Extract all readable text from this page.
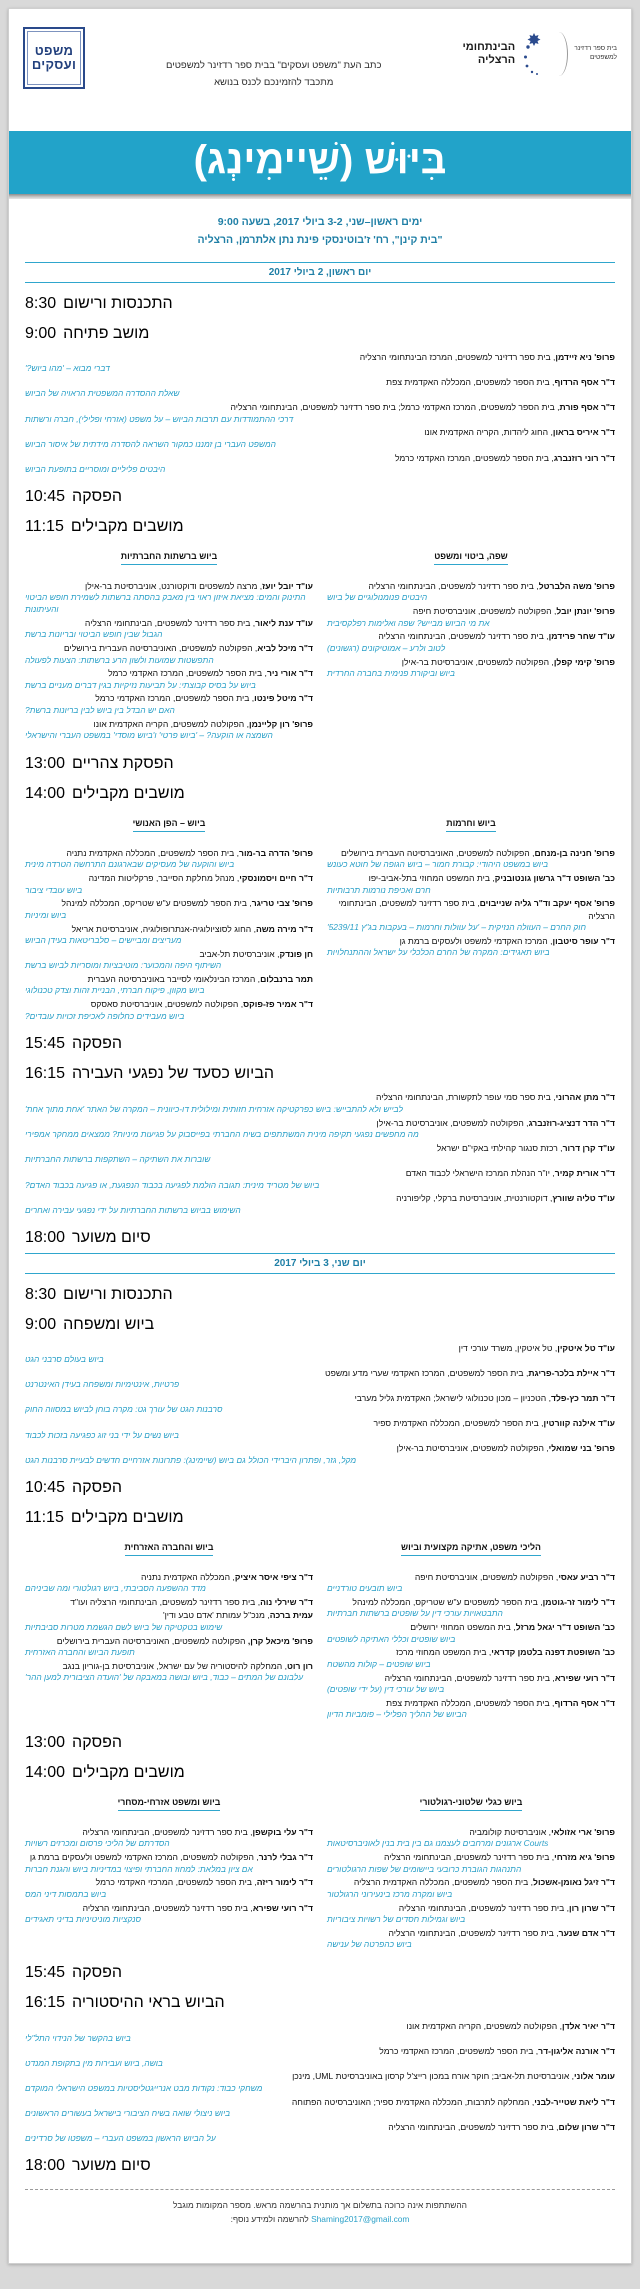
משפט
ועסקים	כתב העת "משפט ועסקים" בבית ספר רדזינר למשפטים

מתכבד להזמינכם לכנס בנושא

הבינתחומי
הרצליה
בית ספר רדזינר
למשפטים
בִּיּוּשׁ (שֵׁיימִינְג)
ימים ראשון–שני, 3-2 ביולי 2017, בשעה 9:00
"בית קינן", רח' ז'בוטינסקי פינת נתן אלתרמן, הרצליה
יום ראשון, 2 ביולי 2017
8:30 התכנסות ורישום
9:00 מושב פתיחה
פרופ' ניא זיידמן, בית ספר רדזינר למשפטים, המרכז הבינתחומי הרצליה
דברי מבוא – 'מהו ביוש?'
ד"ר אסף הרדוף, בית הספר למשפטים, המכללה האקדמית צפת
שאלת ההסדרה המשפטית הראויה של הביוש
ד"ר אסף פורת, בית הספר למשפטים, המרכז האקדמי כרמל; בית ספר רדזינר למשפטים, הבינתחומי הרצליה
דרכי ההתמודדות עם תרבות הביוש – על משפט (אזרחי ופלילי), חברה ורשתות
ד"ר איריס בראון, החוג ליהדות, הקריה האקדמית אונו
המשפט העברי בן זמננו כמקור השראה להסדרה מידתית של איסור הביוש
ד"ר רוני רוזנברג, בית הספר למשפטים, המרכז האקדמי כרמל
היבטים פליליים ומוסריים בתופעת הביוש
10:45 הפסקה
11:15 מושבים מקבילים
ביוש ברשתות החברתיות
עו"ד יובל יועז, מרצה למשפטים ודוקטורנט, אוניברסיטת בר-אילן
התינוק והמים: מציאת איזון ראוי בין מאבק בהסתה ברשתות לשמירת חופש הביטוי והעיתונות
עו"ד ענת ליאור, בית ספר רדזינר למשפטים, הבינתחומי הרצליה
הגבול שבין חופש הביטוי ובריונות ברשת
ד"ר מיכל לביא, הפקולטה למשפטים, האוניברסיטה העברית בירושלים
התפשטות שמועות ולשון הרע ברשתות: הצעות לפעולה
ד"ר אורי ניר, בית הספר למשפטים, המרכז האקדמי כרמל
ביוש על בסיס קבוצתי: על תביעות נזיקיות בגין דברים מעניים ברשת
ד"ר מיטל פינטו, בית הספר למשפטים, המרכז האקדמי כרמל
האם יש הבדל בין ביוש לבין בריונות ברשת?
פרופ' רון קליינמן, הפקולטה למשפטים, הקריה האקדמית אונו
השמצה או הוקעה? – 'ביוש פרטי' ו'ביוש מוסדי' במשפט העברי והישראלי
שפה, ביטוי ומשפט
פרופ' משה הלברטל, בית ספר רדזינר למשפטים, הבינתחומי הרצליה
היבטים פנומנולוגיים של ביוש
פרופ' יונתן יובל, הפקולטה למשפטים, אוניברסיטת חיפה
את מי הביוש מבייש? שפה ואלימות רפלקסיבית
עו"ד שחר פרידמן, בית ספר רדזינר למשפטים, הבינתחומי הרצליה
לטוב ולרע – אמוטיקונים (רגשונים)
פרופ' קימי קפלן, הפקולטה למשפטים, אוניברסיטת בר-אילן
ביוש וביקורת פנימית בחברה החרדית
13:00 הפסקת צהריים
14:00 מושבים מקבילים
ביוש – הפן האנושי
פרופ' הדרה בר-מור, בית הספר למשפטים, המכללה האקדמית נתניה
ביוש והוקעה של מעסיקים שבארגונם התרחשה הטרדה מינית
ד"ר חיים ויסמונסקי, מנהל מחלקת הסייבר, פרקליטות המדינה
ביוש עובדי ציבור
פרופ' צבי טריגר, בית הספר למשפטים ע"ש שטריקס, המכללה למינהל
ביוש ומיניות
ד"ר מירה משה, החוג לסוציולוגיה-אנתרופולוגיה, אוניברסיטת אריאל
מעריצים ומביישים – סלבריטאות בעידן הביוש
חן פונדק, אוניברסיטת תל-אביב
השיתוף היפה והמכוער: מוטיבציות ומוסריות לביוש ברשת
תמר ברנבלום, המרכז הבינלאומי לסייבר באוניברסיטה העברית
ביוש מקוון, פיקוח חברתי, הבניית זהות וצדק טכנולוגי
ד"ר אמיר פז-פוקס, הפקולטה למשפטים, אוניברסיטת סאסקס
ביוש מעבידים כחלופה לאכיפת זכויות עובדים?
ביוש וחרמות
פרופ' חנינה בן-מנחם, הפקולטה למשפטים, האוניברסיטה העברית בירושלים
ביוש במשפט היהודי: קבורת חמור – ביוש הגופה של חוטא כעונש
כב' השופט ד"ר גרשון גונטובניק, בית המשפט המחוזי בתל-אביב-יפו
חרם ואכיפת נורמות תרבותיות
פרופ' אסף יעקב וד"ר גליה שנייבוים, בית ספר רדזינר למשפטים, הבינתחומי הרצליה
חוק החרם – העוולה הנזיקית – 'על עוולות וחרמות – בעקבות בג"ץ 5239/11'
ד"ר עופר סיטבון, המרכז האקדמי למשפט ולעסקים ברמת גן
ביוש תאגידים: המקרה של החרם הכלכלי על ישראל וההתנחלויות
15:45 הפסקה
16:15 הביוש כסעד של נפגעי העבירה
ד"ר מתן אהרוני, בית ספר סמי עופר לתקשורת, הבינתחומי הרצליה
לבייש ולא להתבייש: ביוש כפרקטיקה אזרחית חזותית ומילולית דו-כיוונית – המקרה של האתר 'אחת מתוך אחת'
ד"ר הדר דנציג-רוזנברג, הפקולטה למשפטים, אוניברסיטת בר-אילן
מה מחפשים נפגעי תקיפה מינית המשתתפים בשיח החברתי בפייסבוק על פגיעות מיניות? ממצאים ממחקר אמפירי
עו"ד קרן דרור, רכזת סנגור קהילתי באקי"ם ישראל
שוברות את השתיקה – השתקפות ברשתות החברתיות
ד"ר אורית קמיר, יו"ר הנהלת המרכז הישראלי לכבוד האדם
ביוש של מטריד מינית: תגובה הולמת לפגיעה בכבוד הנפגעת, או פגיעה בכבוד האדם?
עו"ד טליה שוורץ, דוקטורנטית, אוניברסיטת ברקלי, קליפורניה
השימוש בביוש ברשתות החברתיות על ידי נפגעי עבירה ואחרים
18:00 סיום משוער
יום שני, 3 ביולי 2017
8:30 התכנסות ורישום
9:00 ביוש ומשפחה
עו"ד טל איטקין, טל איטקין, משרד עורכי דין
ביוש בעולם סרבני הגט
ד"ר איילת בלכר-פריגת, בית הספר למשפטים, המרכז האקדמי שערי מדע ומשפט
פרטיות, אינטימיות ומשפחה בעידן האינטרנט
ד"ר תמר כץ-פלד, הטכניון – מכון טכנולוגי לישראל; האקדמית גליל מערבי
סרבנות הגט של עורך גט: מקרה בוחן לביוש במסווה החוק
עו"ד אילנה קוורטין, בית הספר למשפטים, המכללה האקדמית ספיר
ביוש נשים על ידי בני זוג כפגיעה בזכות לכבוד
פרופ' בני שמואלי, הפקולטה למשפטים, אוניברסיטת בר-אילן
מקל, גזר, ופתרון היברידי הכולל גם ביוש (שיימינג): פתרונות אזרחיים חדשים לבעיית סרבנות הגט
10:45 הפסקה
11:15 מושבים מקבילים
ביוש והחברה האזרחית
ד"ר ציפי איסר איציק, המכללה האקדמית נתניה
מדד ההשפעה הסביבתי, ביוש רגולטורי ומה שביניהם
ד"ר שירלי נוה, בית ספר רדזינר למשפטים, הבינתחומי הרצליה ועו"ד
עמית ברכה, מנכ"ל עמותת 'אדם טבע ודין'
שימוש בטקטיקה של ביוש לשם הגשמת מטרות סביבתיות
פרופ' מיכאל קרן, הפקולטה למשפטים, האוניברסיטה העברית בירושלים
תופעת הביוש והחברה האזרחית
רון רוט, המחלקה להיסטוריה של עם ישראל, אוניברסיטת בן-גוריון בנגב
עלבונם של המתים – כבוד, ביוש ובושה במאבקה של 'הועדה הציבורית למען ההר'
הליכי משפט, אתיקה מקצועית וביוש
ד"ר רביע עאסי, הפקולטה למשפטים, אוניברסיטת חיפה
ביוש תובעים טורדניים
ד"ר לימור זר-גוטמן, בית הספר למשפטים ע"ש שטריקס, המכללה למינהל
התבטאויות עורכי דין על שופטים ברשתות חברתיות
כב' השופט ד"ר יגאל מרזל, בית המשפט המחוזי ירושלים
ביוש שופטים וכללי האתיקה לשופטים
כב' השופטת דפנה בלטמן קדראי, בית המשפט המחוזי מרכז
ביוש שופטים – קולות מהשטח
ד"ר רועי שפירא, בית ספר רדזינר למשפטים, הבינתחומי הרצליה
ביוש של עורכי דין (על ידי שופטים)
ד"ר אסף הרדוף, בית הספר למשפטים, המכללה האקדמית צפת
הביוש של ההליך הפלילי – פומביות הדיון
13:00 הפסקה
14:00 מושבים מקבילים
ביוש ומשפט אזרחי-מסחרי
ד"ר עלי בוקשפן, בית ספר רדזינר למשפטים, הבינתחומי הרצליה
הסדרתם של הליכי פרסום ומכרזים רשויות
ד"ר גבלי לרנר, הפקולטה למשפטים, המרכז האקדמי למשפט ולעסקים ברמת גן
אם ציון במלאת: למחוז החברתי ופיצוי במדיניות ביוש והגנת חברות
ד"ר לימור ריזה, בית הספר למשפטים, המרכזי האקדמי כרמל
ביוש בתמסות דיני המס
ד"ר רועי שפירא, בית ספר רדזינר למשפטים, הבינתחומי הרצליה
סנקציות מוניטיניות בדיני תאגידים
ביוש כגלי שלטוני-רגולטורי
פרופ' ארי אזולאי, אוניברסיטת קולומביה
Courts ארגונים ומרחבים לעצמנו גם בין בית בנין לאוניברסיטאות
פרופ' גיא מזרחי, בית ספר רדזינר למשפטים, הבינתחומי הרצליה
התנהגות הגוברת כרובעי ביישומים של שפות הרגולטורים
ד"ר זיגל נאומן-אשכול, בית הספר למשפטים, המכללה האקדמית הרצליה
ביוש ומקרה מרכז בינעירוני הרגולטור
ד"ר שרון רון, בית ספר רדזינר למשפטים, הבינתחומי הרצליה
ביוש וגמילות חסדים של רשויות ציבוריות
ד"ר אדם שנער, בית ספר רדזינר למשפטים, הבינתחומי הרצליה
ביוש כהפרטה של ענישה
15:45 הפסקה
16:15 הביוש בראי ההיסטוריה
ד"ר יאיר אלדן, הפקולטה למשפטים, הקריה האקדמית אונו
ביוש בהקשר של הנידוי התל"לי
ד"ר אורנה אליגון-דר, בית הספר למשפטים, המרכז האקדמי כרמל
בושה, ביוש ועבירות מין בתקופת המנדט
עומר אלוני, אוניברסיטת תל-אביב; חוקר אורח במכון רייצ'ל קרסון באוניברסיטת UML, מינכן
משחקי כבוד: נקודות מבט אנרייגטליסטיות במשפט הישראלי המוקדם
ד"ר ליאת שטייר-לבני, המחלקה לתרבות, המכללה האקדמית ספיר; האוניברסיטה הפתוחה
ביוש ניצולי שואה בשיח הציבורי בישראל בעשורים הראשונים
ד"ר שרון שלום, בית ספר רדזינר למשפטים, הבינתחומי הרצליה
על הביוש הראשון במשפט העברי – משפטו של סרדינים
18:00 סיום משוער
ההשתתפות אינה כרוכה בתשלום אך מותנית בהרשמה מראש. מספר המקומות מוגבל
Shaming2017@gmail.com להרשמה ולמידע נוסף:
